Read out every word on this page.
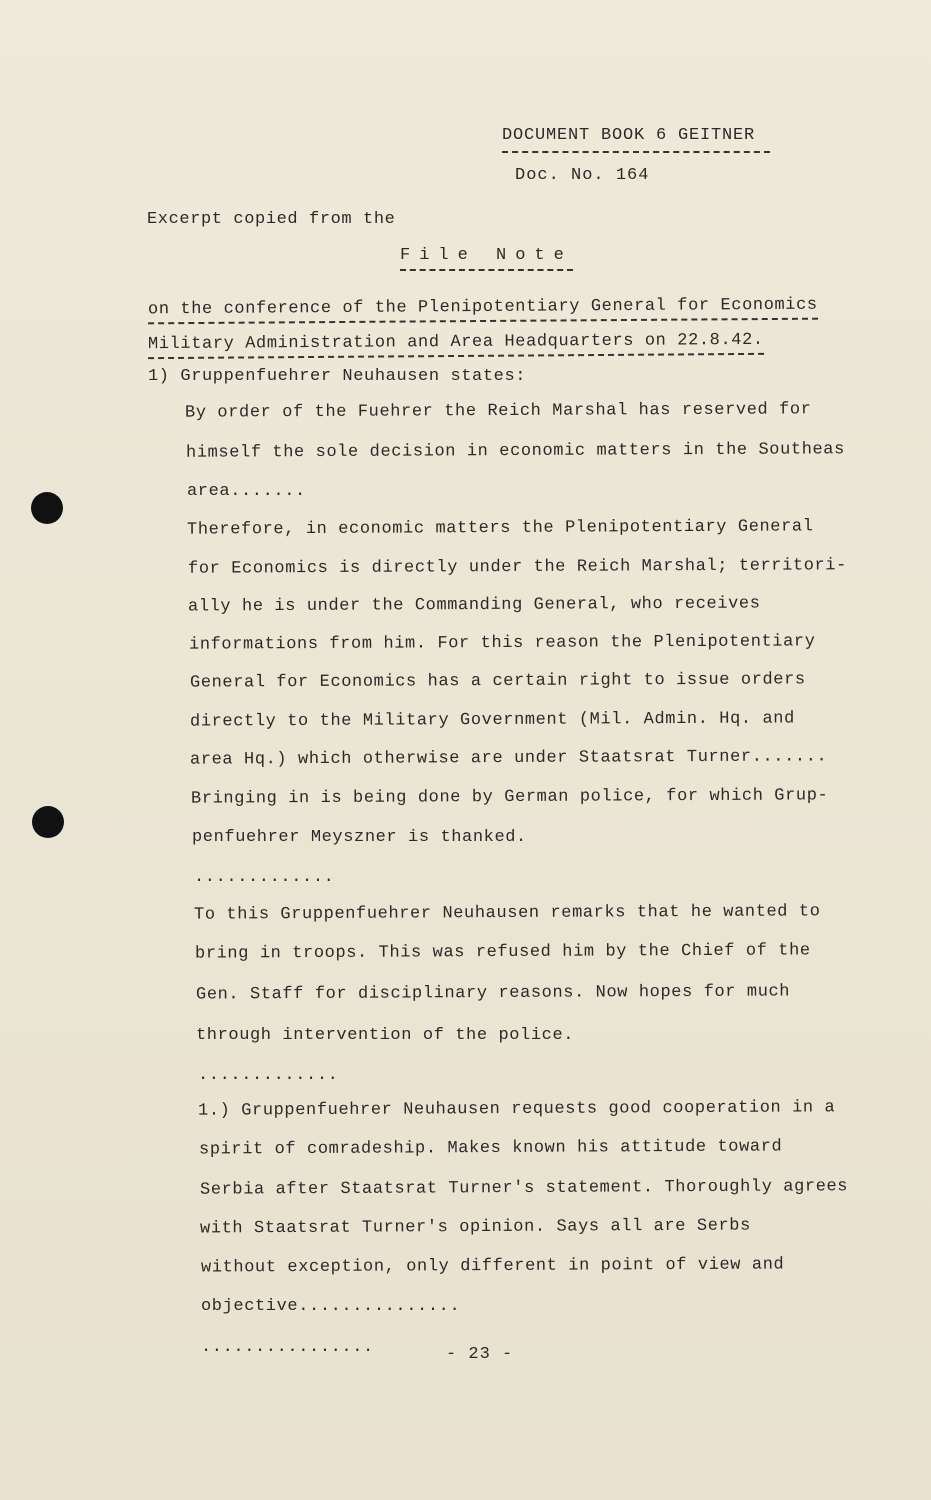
DOCUMENT BOOK 6 GEITNER
Doc. No. 164
Excerpt copied from the
File Note
on the conference of the Plenipotentiary General for Economics
Military Administration and Area Headquarters on 22.8.42.
1) Gruppenfuehrer Neuhausen states:
By order of the Fuehrer the Reich Marshal has reserved for
himself the sole decision in economic matters in the Southeas
area.......
Therefore, in economic matters the Plenipotentiary General
for Economics is directly under the Reich Marshal; territori-
ally he is under the Commanding General, who receives
informations from him. For this reason the Plenipotentiary
General for Economics has a certain right to issue orders
directly to the Military Government (Mil. Admin. Hq. and
area Hq.) which otherwise are under Staatsrat Turner.......
Bringing in is being done by German police, for which Grup-
penfuehrer Meyszner is thanked.
.............
To this Gruppenfuehrer Neuhausen remarks that he wanted to
bring in troops. This was refused him by the Chief of the
Gen. Staff for disciplinary reasons. Now hopes for much
through intervention of the police.
.............
1.) Gruppenfuehrer Neuhausen requests good cooperation in a
spirit of comradeship. Makes known his attitude toward
Serbia after Staatsrat Turner's statement. Thoroughly agrees
with Staatsrat Turner's opinion. Says all are Serbs
without exception, only different in point of view and
objective...............
................	- 23 -
